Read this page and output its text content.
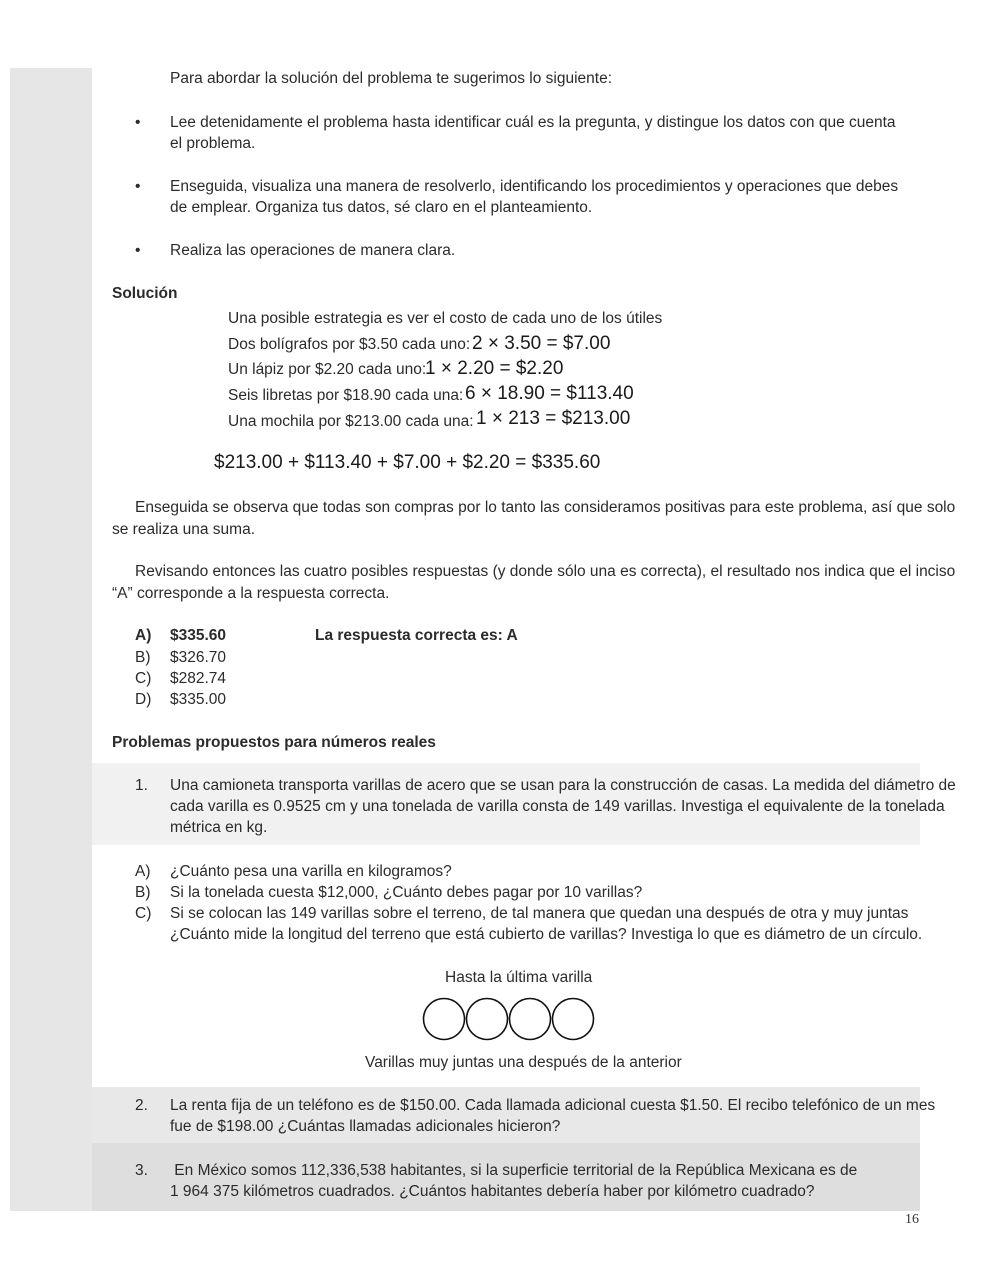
Para abordar la solución del problema te sugerimos lo siguiente:
• Lee detenidamente el problema hasta identificar cuál es la pregunta, y distingue los datos con que cuenta
el problema.
• Enseguida, visualiza una manera de resolverlo, identificando los procedimientos y operaciones que debes
de emplear. Organiza tus datos, sé claro en el planteamiento.
• Realiza las operaciones de manera clara.
Solución
Una posible estrategia es ver el costo de cada uno de los útiles
Dos bolígrafos por $3.50 cada uno: 2 × 3.50 = $7.00
Un lápiz por $2.20 cada uno:
1 × 2.20 = $2.20
Seis libretas por $18.90 cada una: 6 × 18.90 = $113.40
Una mochila por $213.00 cada una: 1 × 213 = $213.00
$213.00 + $113.40 + $7.00 + $2.20 = $335.60
Enseguida se observa que todas son compras por lo tanto las consideramos positivas para este problema, así que solo
se realiza una suma.
Revisando entonces las cuatro posibles respuestas (y donde sólo una es correcta), el resultado nos indica que el inciso
“A” corresponde a la respuesta correcta.
A) $335.60	La respuesta correcta es: A
B) $326.70
C) $282.74
D) $335.00
Problemas propuestos para números reales
1. Una camioneta transporta varillas de acero que se usan para la construcción de casas. La medida del diámetro de
cada varilla es 0.9525 cm y una tonelada de varilla consta de 149 varillas. Investiga el equivalente de la tonelada
métrica en kg.
A) ¿Cuánto pesa una varilla en kilogramos?
B) Si la tonelada cuesta $12,000, ¿Cuánto debes pagar por 10 varillas?
C) Si se colocan las 149 varillas sobre el terreno, de tal manera que quedan una después de otra y muy juntas
¿Cuánto mide la longitud del terreno que está cubierto de varillas? Investiga lo que es diámetro de un círculo.
Hasta la última varilla
Varillas muy juntas una después de la anterior
2. La renta fija de un teléfono es de $150.00. Cada llamada adicional cuesta $1.50. El recibo telefónico de un mes
fue de $198.00 ¿Cuántas llamadas adicionales hicieron?
3. En México somos 112,336,538 habitantes, si la superficie territorial de la República Mexicana es de
1 964 375 kilómetros cuadrados. ¿Cuántos habitantes debería haber por kilómetro cuadrado?
16
